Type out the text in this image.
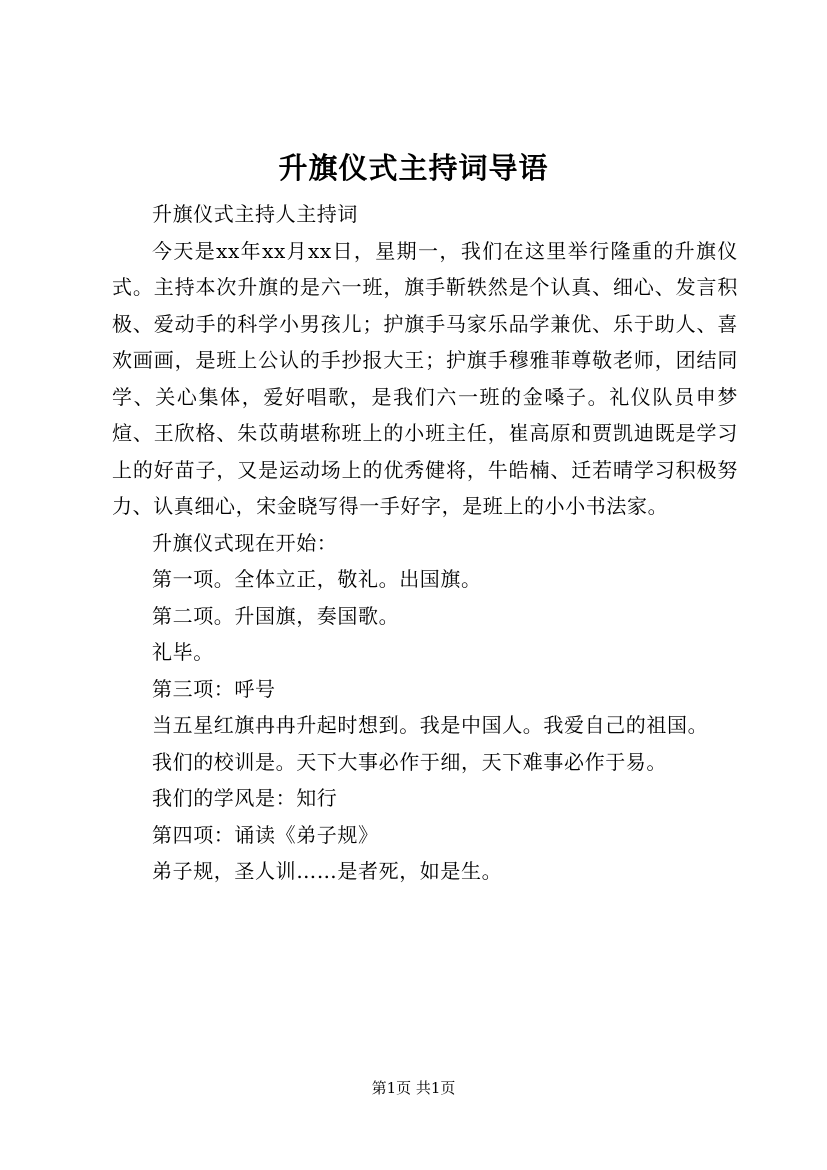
升旗仪式主持词导语

升旗仪式主持人主持词

今天是xx年xx月xx日，星期一，我们在这里举行隆重的升旗仪式。主持本次升旗的是六一班，旗手靳轶然是个认真、细心、发言积极、爱动手的科学小男孩儿；护旗手马家乐品学兼优、乐于助人、喜欢画画，是班上公认的手抄报大王；护旗手穆雅菲尊敬老师，团结同学、关心集体，爱好唱歌，是我们六一班的金嗓子。礼仪队员申梦煊、王欣格、朱苡萌堪称班上的小班主任，崔高原和贾凯迪既是学习上的好苗子，又是运动场上的优秀健将，牛皓楠、迁若晴学习积极努力、认真细心，宋金晓写得一手好字，是班上的小小书法家。

升旗仪式现在开始：

第一项。全体立正，敬礼。出国旗。

第二项。升国旗，奏国歌。

礼毕。

第三项：呼号

当五星红旗冉冉升起时想到。我是中国人。我爱自己的祖国。

我们的校训是。天下大事必作于细，天下难事必作于易。

我们的学风是：知行

第四项：诵读《弟子规》

弟子规，圣人训……是者死，如是生。

第1页 共1页
